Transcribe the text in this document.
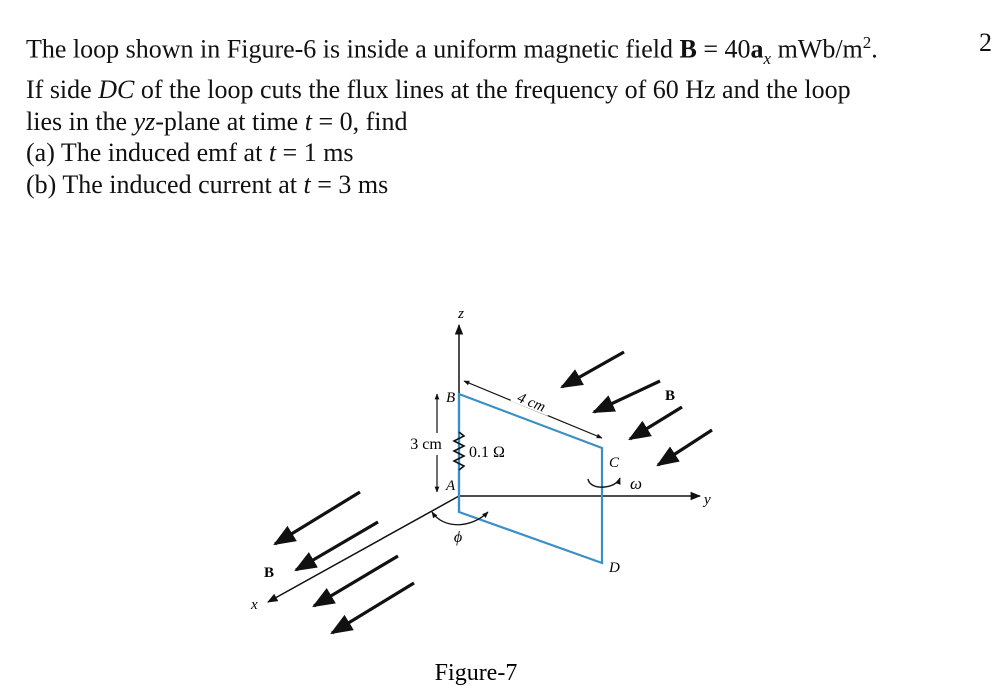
The loop shown in Figure-6 is inside a uniform magnetic field $B = 40a_x$ mWb/$m^2$.
If side DC of the loop cuts the flux lines at the frequency of 60 Hz and the loop
lies in the yz-plane at time t = 0, find
(a) The induced emf at t = 1 ms
(b) The induced current at t = 3 ms
2
4 cm
3 cm
z
y
x
B
A
C
D
0.1 Ω
ω
ϕ
B
B
Figure-7
